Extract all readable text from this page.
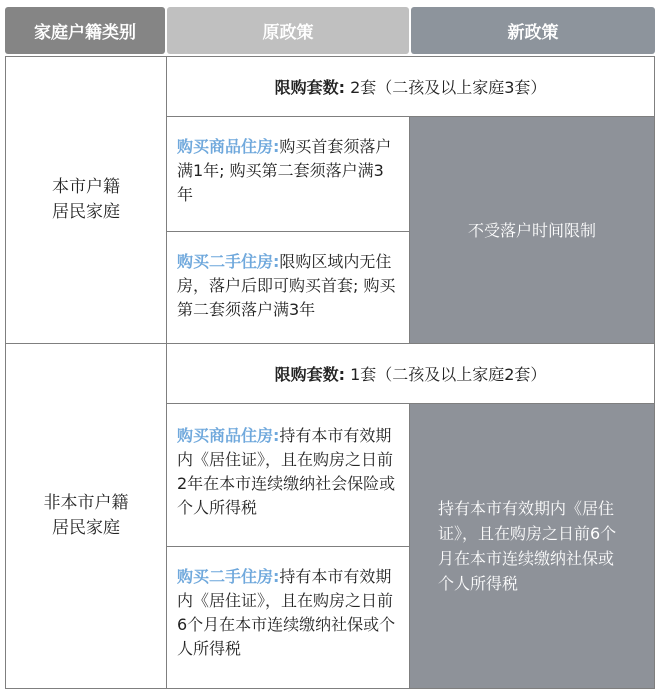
家庭户籍类别	原政策	新政策
本市户籍
居民家庭
限购套数:
2套（二孩及以上家庭3套）
购买商品住房:购买首套须落户满1年; 购买第二套须落户满3年
购买二手住房:限购区域内无住房，落户后即可购买首套; 购买第二套须落户满3年
不受落户时间限制
非本市户籍
居民家庭
限购套数:
1套（二孩及以上家庭2套）
购买商品住房:持有本市有效期内《居住证》，且在购房之日前2年在本市连续缴纳社会保险或个人所得税
购买二手住房:持有本市有效期内《居住证》，且在购房之日前6个月在本市连续缴纳社保或个人所得税
持有本市有效期内《居住证》，且在购房之日前6个月在本市连续缴纳社保或个人所得税
